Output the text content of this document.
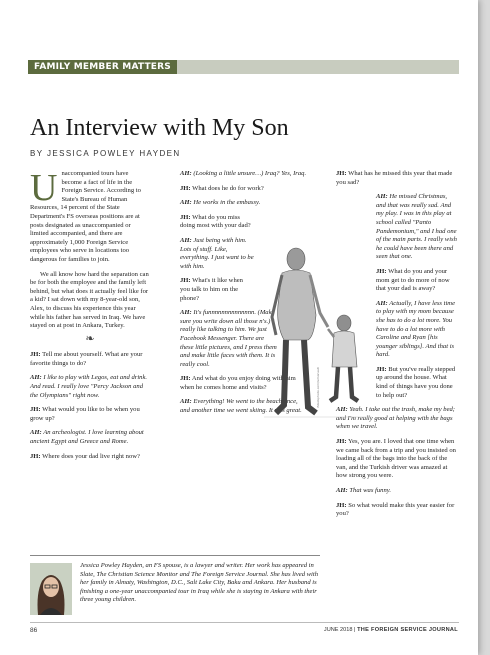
FAMILY MEMBER MATTERS
An Interview with My Son
BY JESSICA POWLEY HAYDEN

Unaccompanied tours have become a fact of life in the Foreign Service. According to State's Bureau of Human Resources, 14 percent of the State Department's FS overseas positions are at posts designated as unaccompanied or limited accompanied, and there are approximately 1,000 Foreign Service employees who serve in locations too dangerous for families to join.

We all know how hard the separation can be for both the employee and the family left behind, but what does it actually feel like for a kid? I sat down with my 8-year-old son, Alex, to discuss his experience this year while his father has served in Iraq. We have stayed on at post in Ankara, Turkey.

❧

JH: Tell me about yourself. What are your favorite things to do?

AH: I like to play with Legos, eat and drink. And read. I really love "Percy Jackson and the Olympians" right now.

JH: What would you like to be when you grow up?

AH: An archeologist. I love learning about ancient Egypt and Greece and Rome.

JH: Where does your dad live right now?

AH: (Looking a little unsure…) Iraq? Yes, Iraq.

JH: What does he do for work?

AH: He works in the embassy.

JH: What do you miss doing most with your dad?

AH: Just being with him. Lots of stuff. Like, everything. I just want to be with him.

JH: What's it like when you talk to him on the phone?

AH: It's funnnnnnnnnnnnnn. (Make sure you write down all those n's.) I really like talking to him. We just Facebook Messenger. There are these little pictures, and I press them and make little faces with them. It is really cool.

JH: And what do you enjoy doing with him when he comes home and visits?

AH: Everything! We went to the beach once, and another time we went skiing. It was great.

JH: What has he missed this year that made you sad?

AH: He missed Christmas, and that was really sad. And my play. I was in this play at school called "Panto Pandemonium," and I had one of the main parts. I really wish he could have been there and seen that one.

JH: What do you and your mom get to do more of now that your dad is away?

AH: Actually, I have less time to play with my mom because she has to do a lot more. You have to do a lot more with Caroline and Ryan [his younger siblings]. And that is hard.

JH: But you've really stepped up around the house. What kind of things have you done to help out?

AH: Yeah. I take out the trash, make my bed; and I'm really good at helping with the bags when we travel.

JH: Yes, you are. I loved that one time when we came back from a trip and you insisted on loading all of the bags into the back of the van, and the Turkish driver was amazed at how strong you were.

AH: That was funny.

JH: So what would make this year easier for you?

iStockphoto.com/lemonsalt
Jessica Powley Hayden, an FS spouse, is a lawyer and writer. Her work has appeared in Slate, The Christian Science Monitor and The Foreign Service Journal. She has lived with her family in Almaty, Washington, D.C., Salt Lake City, Baku and Ankara. Her husband is finishing a one-year unaccompanied tour in Iraq while she is staying in Ankara with their three young children.
86	JUNE 2018 | THE FOREIGN SERVICE JOURNAL
